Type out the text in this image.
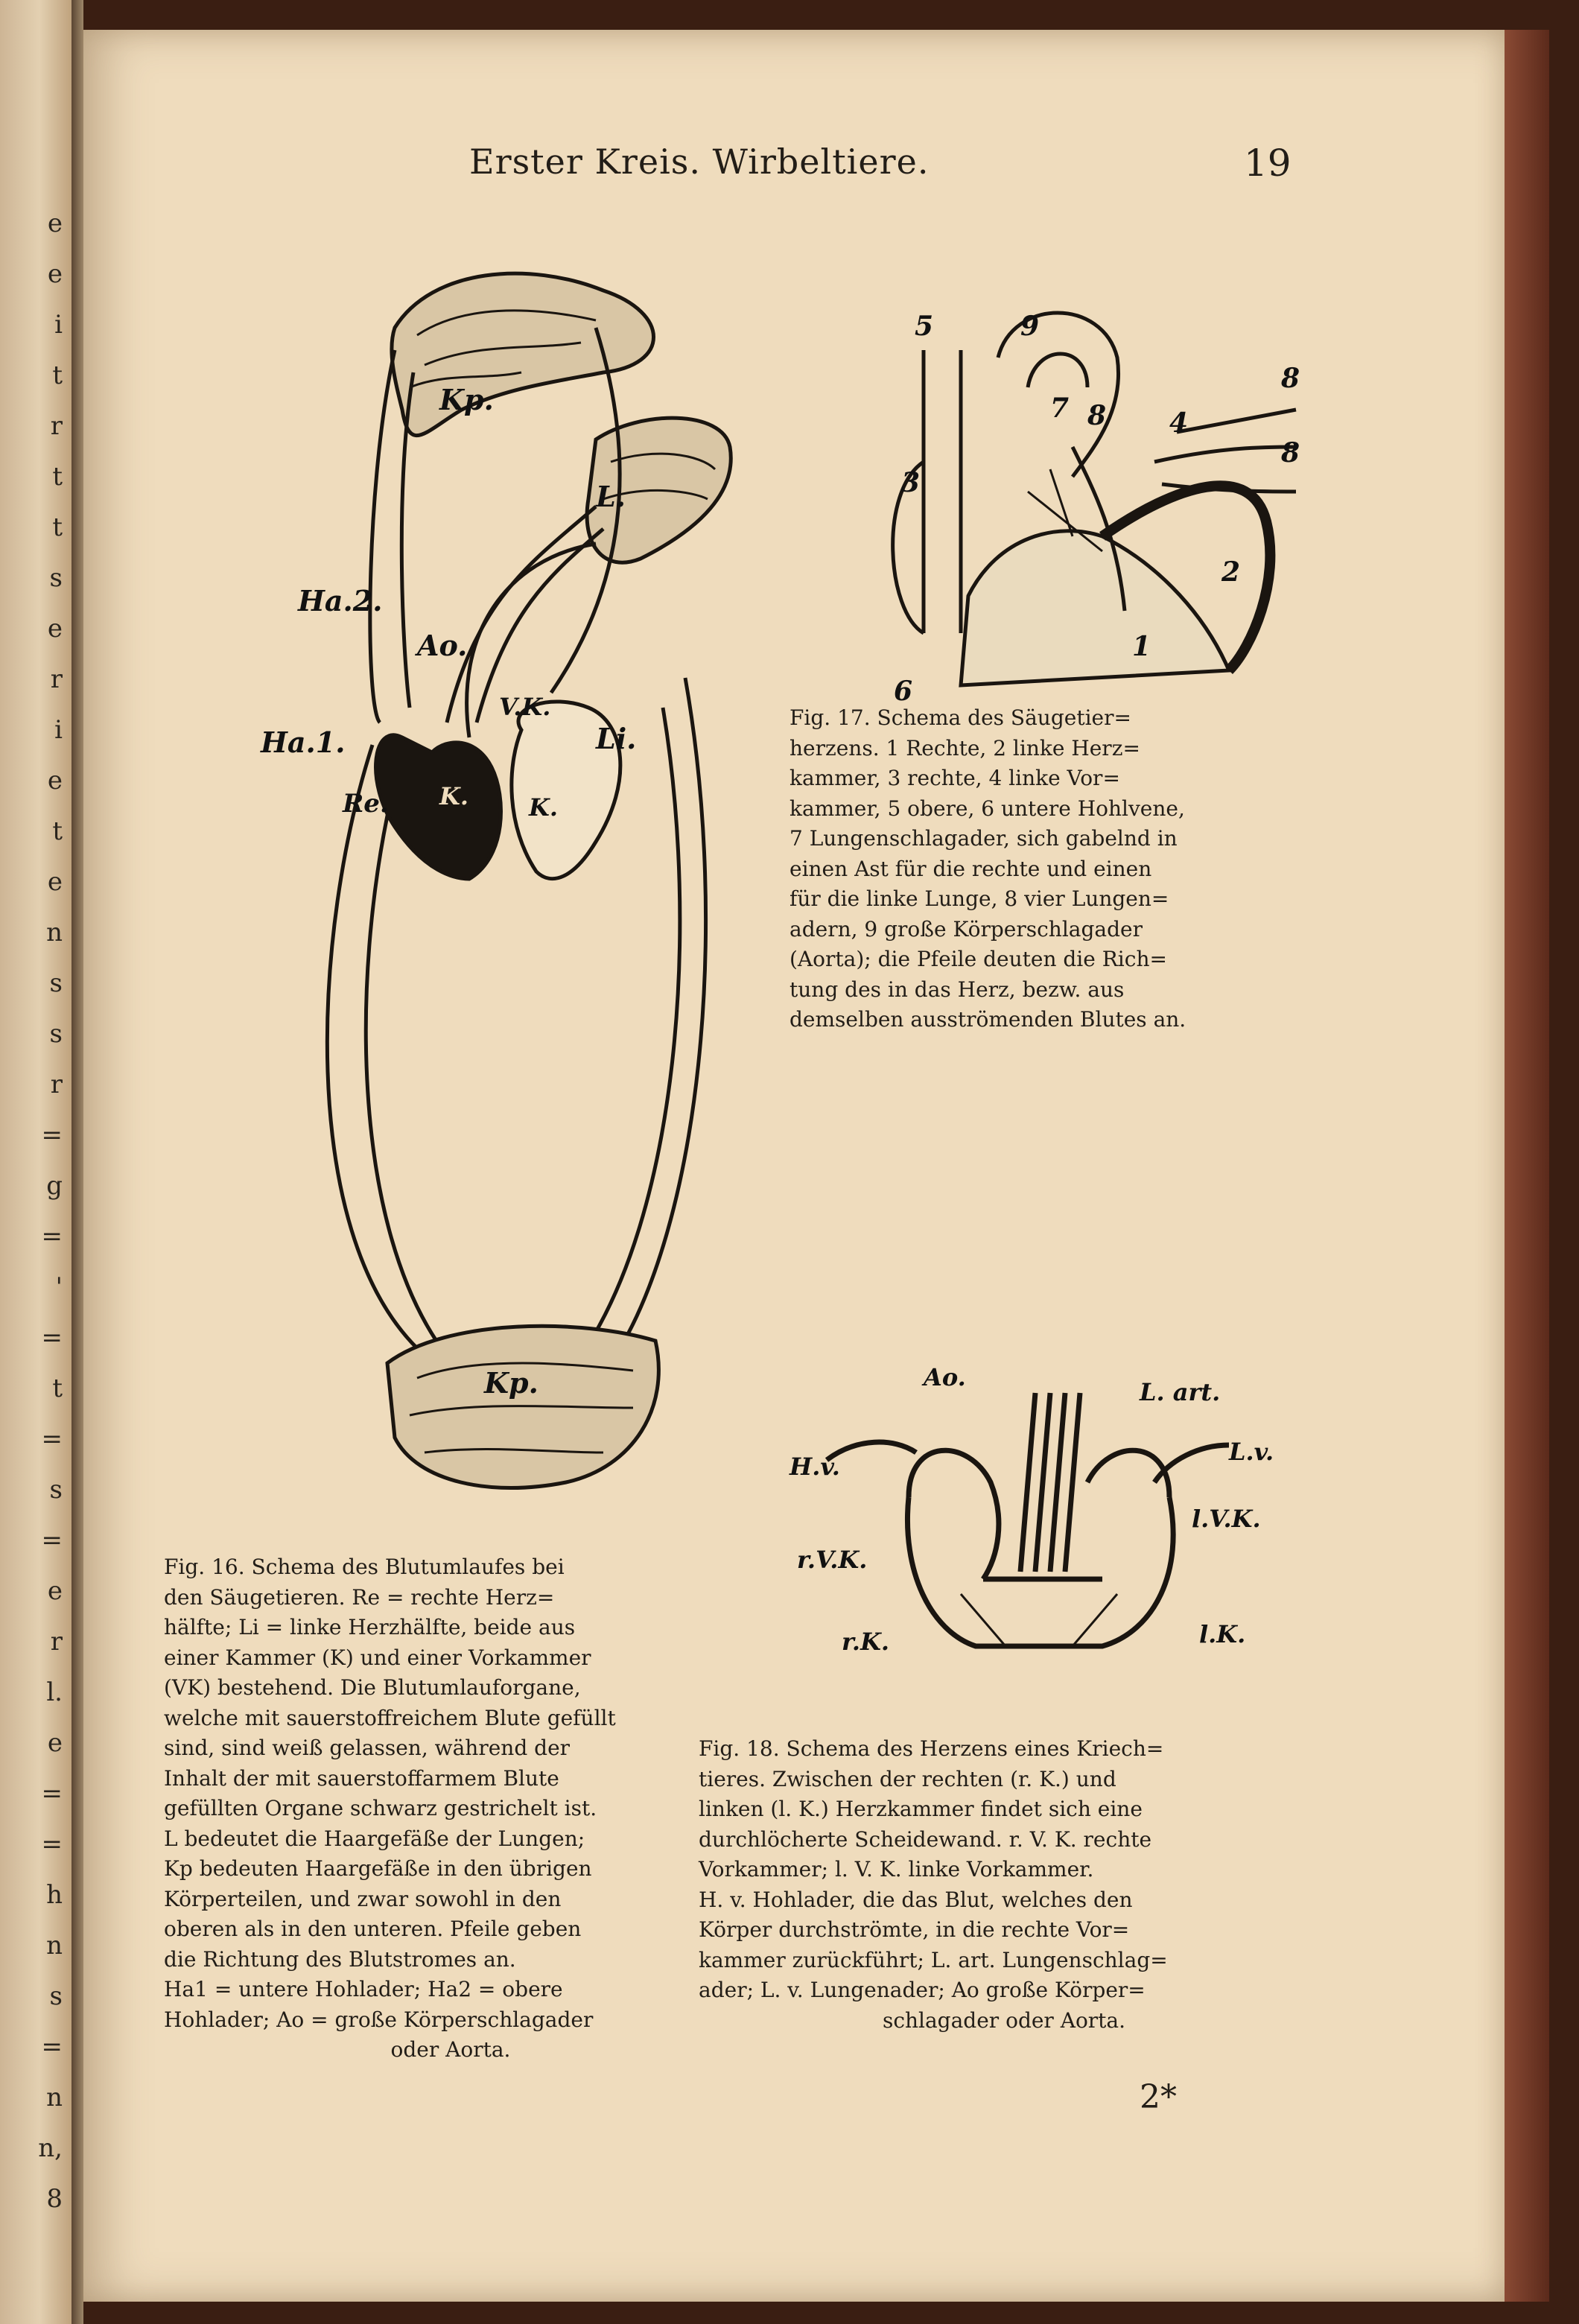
e
e
i
t
r
t
t
s
e
r
i
e
t
e
n
s
s
r
=
g
=
'
=
t
=
s
=
e
r
l.
e
=
=
h
n
s
=
n
n,
8
Erster Kreis. Wirbeltiere.	19
Kp.
L.
Ha.2.
Ao.
V.K.
Li.
Ha.1.
Re. K.	K.
Kp.
5	9
7
8
8 4
8
3
2
1
6
Ao.
L. art.
H.v.
L.v.
l.V.K.
r.V.K.
r.K.	l.K.
Fig. 17. Schema des Säugetier=
herzens. 1 Rechte, 2 linke Herz=
kammer, 3 rechte, 4 linke Vor=
kammer, 5 obere, 6 untere Hohlvene,
7 Lungenschlagader, sich gabelnd in
einen Ast für die rechte und einen
für die linke Lunge, 8 vier Lungen=
adern, 9 große Körperschlagader
(Aorta); die Pfeile deuten die Rich=
tung des in das Herz, bezw. aus
demselben ausströmenden Blutes an.
Fig. 16. Schema des Blutumlaufes bei
den Säugetieren. Re = rechte Herz=
hälfte; Li = linke Herzhälfte, beide aus
einer Kammer (K) und einer Vorkammer
(VK) bestehend. Die Blutumlauforgane,
welche mit sauerstoffreichem Blute gefüllt
sind, sind weiß gelassen, während der
Inhalt der mit sauerstoffarmem Blute
gefüllten Organe schwarz gestrichelt ist.
L bedeutet die Haargefäße der Lungen;
Kp bedeuten Haargefäße in den übrigen
Körperteilen, und zwar sowohl in den
oberen als in den unteren. Pfeile geben
die Richtung des Blutstromes an.
Ha1 = untere Hohlader; Ha2 = obere
Hohlader; Ao = große Körperschlagader
oder Aorta.
Fig. 18. Schema des Herzens eines Kriech=
tieres. Zwischen der rechten (r. K.) und
linken (l. K.) Herzkammer findet sich eine
durchlöcherte Scheidewand. r. V. K. rechte
Vorkammer; l. V. K. linke Vorkammer.
H. v. Hohlader, die das Blut, welches den
Körper durchströmte, in die rechte Vor=
kammer zurückführt; L. art. Lungenschlag=
ader; L. v. Lungenader; Ao große Körper=
schlagader oder Aorta.
2*
